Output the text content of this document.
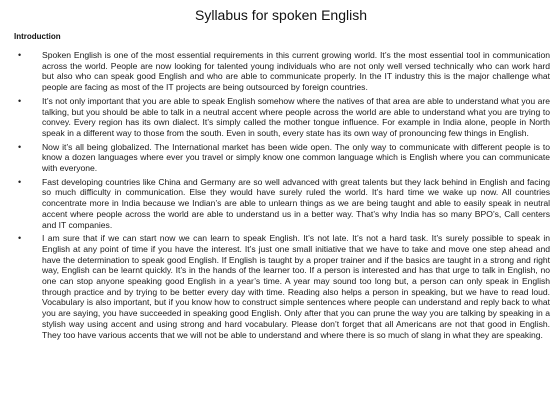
Syllabus for spoken English
Introduction
• Spoken English is one of the most essential requirements in this current growing world. It’s the most essential tool in communication across the world. People are now looking for talented young individuals who are not only well versed technically who can work hard but also who can speak good English and who are able to communicate properly. In the IT industry this is the major challenge what people are facing as most of the IT projects are being outsourced by foreign countries.
• It’s not only important that you are able to speak English somehow where the natives of that area are able to understand what you are talking, but you should be able to talk in a neutral accent where people across the world are able to understand what you are trying to convey. Every region has its own dialect. It’s simply called the mother tongue influence. For example in India alone, people in North speak in a different way to those from the south. Even in south, every state has its own way of pronouncing few things in English.
• Now it’s all being globalized. The International market has been wide open. The only way to communicate with different people is to know a dozen languages where ever you travel or simply know one common language which is English where you can communicate with everyone.
• Fast developing countries like China and Germany are so well advanced with great talents but they lack behind in English and facing so much difficulty in communication. Else they would have surely ruled the world. It’s hard time we wake up now. All countries concentrate more in India because we Indian’s are able to unlearn things as we are being taught and able to easily speak in neutral accent where people across the world are able to understand us in a better way. That’s why India has so many BPO’s, Call centers and IT companies.
• I am sure that if we can start now we can learn to speak English. It’s not late. It’s not a hard task. It’s surely possible to speak in English at any point of time if you have the interest. It’s just one small initiative that we have to take and move one step ahead and have the determination to speak good English. If English is taught by a proper trainer and if the basics are taught in a strong and right way, English can be learnt quickly. It’s in the hands of the learner too. If a person is interested and has that urge to talk in English, no one can stop anyone speaking good English in a year’s time. A year may sound too long but, a person can only speak in English through practice and by trying to be better every day with time. Reading also helps a person in speaking, but we have to read loud. Vocabulary is also important, but if you know how to construct simple sentences where people can understand and reply back to what you are saying, you have succeeded in speaking good English. Only after that you can prune the way you are talking by speaking in a stylish way using accent and using strong and hard vocabulary. Please don’t forget that all Americans are not that good in English. They too have various accents that we will not be able to understand and where there is so much of slang in what they are speaking.
